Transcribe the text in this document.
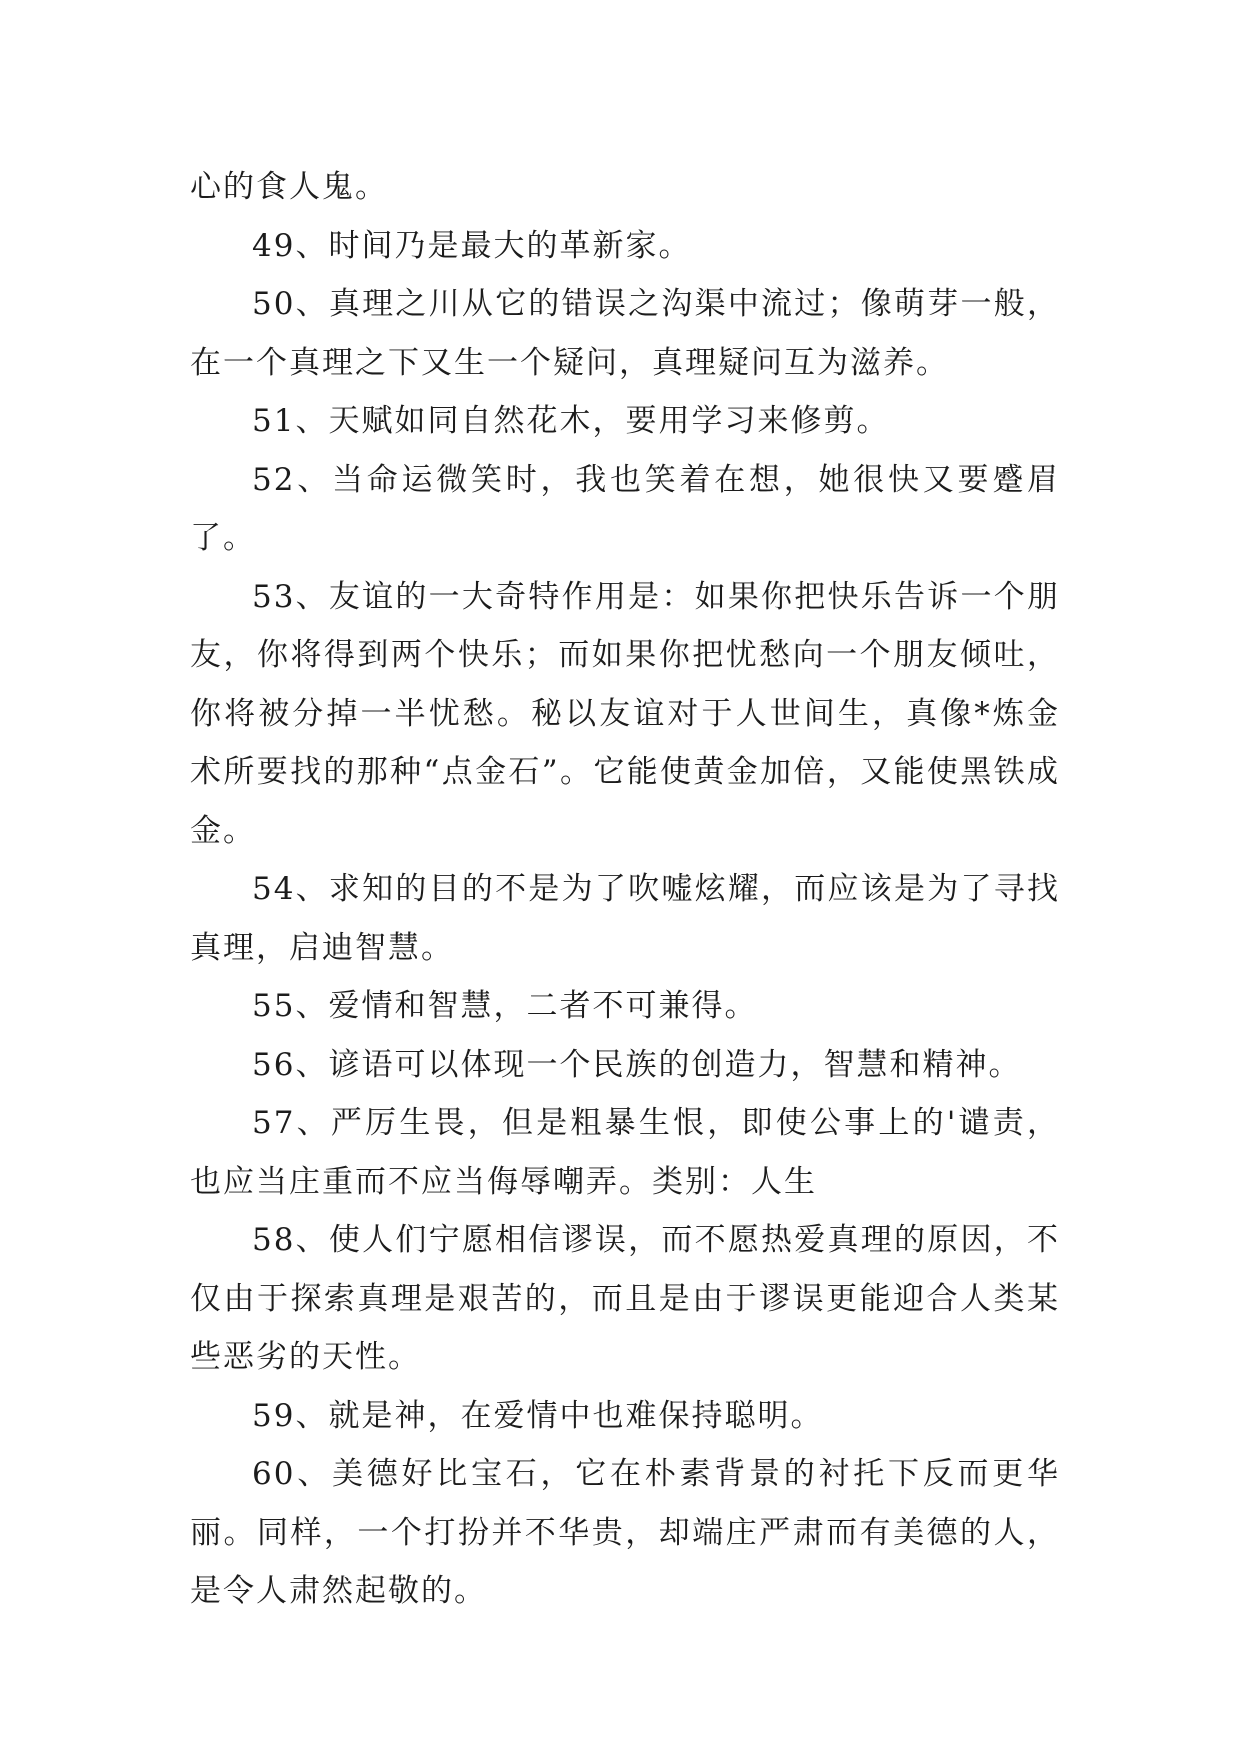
心的食人鬼。

49、时间乃是最大的革新家。

50、真理之川从它的错误之沟渠中流过；像萌芽一般，在一个真理之下又生一个疑问，真理疑问互为滋养。

51、天赋如同自然花木，要用学习来修剪。

52、当命运微笑时，我也笑着在想，她很快又要蹙眉了。

53、友谊的一大奇特作用是：如果你把快乐告诉一个朋友，你将得到两个快乐；而如果你把忧愁向一个朋友倾吐，你将被分掉一半忧愁。秘以友谊对于人世间生，真像*炼金术所要找的那种“点金石”。它能使黄金加倍，又能使黑铁成金。

54、求知的目的不是为了吹嘘炫耀，而应该是为了寻找真理，启迪智慧。

55、爱情和智慧，二者不可兼得。

56、谚语可以体现一个民族的创造力，智慧和精神。

57、严厉生畏，但是粗暴生恨，即使公事上的'谴责，也应当庄重而不应当侮辱嘲弄。类别：人生

58、使人们宁愿相信谬误，而不愿热爱真理的原因，不仅由于探索真理是艰苦的，而且是由于谬误更能迎合人类某些恶劣的天性。

59、就是神，在爱情中也难保持聪明。

60、美德好比宝石，它在朴素背景的衬托下反而更华丽。同样，一个打扮并不华贵，却端庄严肃而有美德的人，是令人肃然起敬的。
